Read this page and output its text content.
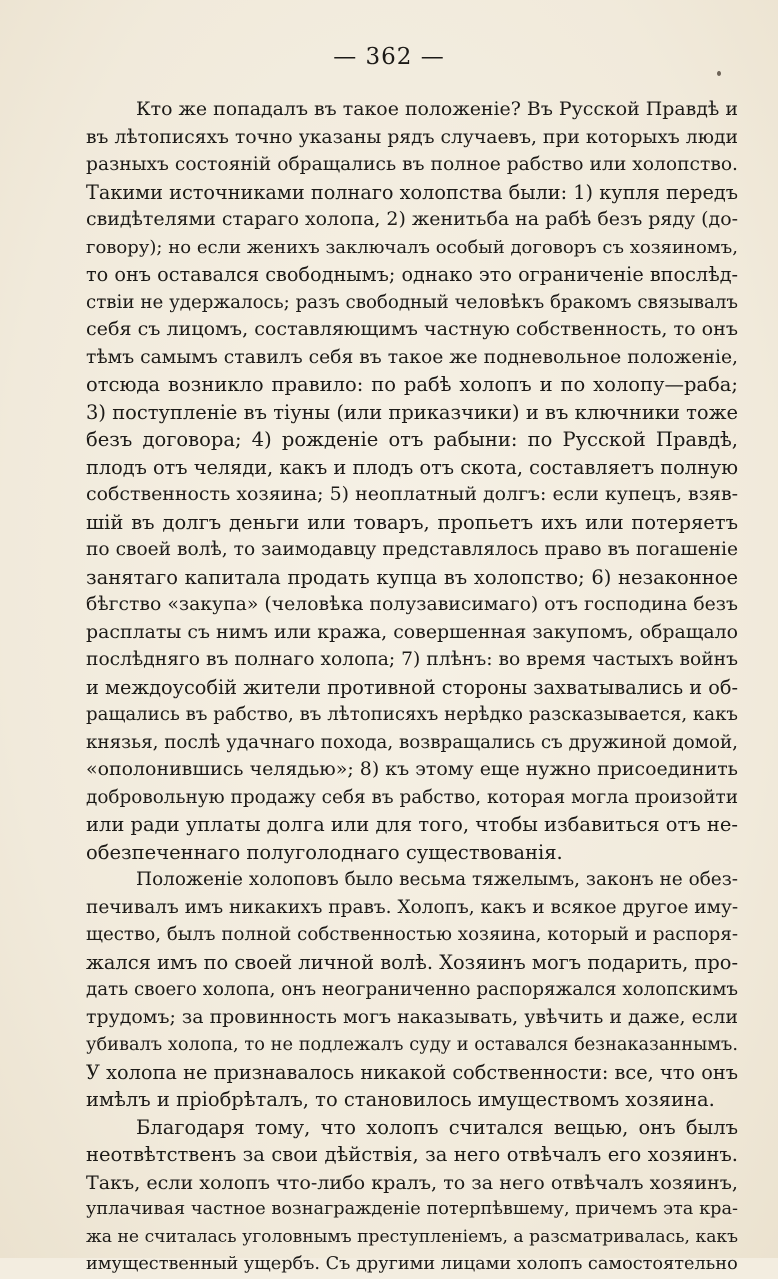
— 362 —
Кто же попадалъ въ такое положеніе? Въ Русской Правдѣ и
въ лѣтописяхъ точно указаны рядъ случаевъ, при которыхъ люди
разныхъ состояній обращались въ полное рабство или холопство.
Такими источниками полнаго холопства были: 1) купля передъ
свидѣтелями стараго холопа, 2) женитьба на рабѣ безъ ряду (до-
говору); но если женихъ заключалъ особый договоръ съ хозяиномъ,
то онъ оставался свободнымъ; однако это ограниченіе впослѣд-
ствіи не удержалось; разъ свободный человѣкъ бракомъ связывалъ
себя съ лицомъ, составляющимъ частную собственность, то онъ
тѣмъ самымъ ставилъ себя въ такое же подневольное положеніе,
отсюда возникло правило: по рабѣ холопъ и по холопу—раба;
3) поступленіе въ тіуны (или приказчики) и въ ключники тоже
безъ договора; 4) рожденіе отъ рабыни: по Русской Правдѣ,
плодъ отъ челяди, какъ и плодъ отъ скота, составляетъ полную
собственность хозяина; 5) неоплатный долгъ: если купецъ, взяв-
шій въ долгъ деньги или товаръ, пропьетъ ихъ или потеряетъ
по своей волѣ, то заимодавцу представлялось право въ погашеніе
занятаго капитала продать купца въ холопство; 6) незаконное
бѣгство «закупа» (человѣка полузависимаго) отъ господина безъ
расплаты съ нимъ или кража, совершенная закупомъ, обращало
послѣдняго въ полнаго холопа; 7) плѣнъ: во время частыхъ войнъ
и междоусобій жители противной стороны захватывались и об-
ращались въ рабство, въ лѣтописяхъ нерѣдко разсказывается, какъ
князья, послѣ удачнаго похода, возвращались съ дружиной домой,
«ополонившись челядью»; 8) къ этому еще нужно присоединить
добровольную продажу себя въ рабство, которая могла произойти
или ради уплаты долга или для того, чтобы избавиться отъ не-
обезпеченнаго полуголоднаго существованія.
Положеніе холоповъ было весьма тяжелымъ, законъ не обез-
печивалъ имъ никакихъ правъ. Холопъ, какъ и всякое другое иму-
щество, былъ полной собственностью хозяина, который и распоря-
жался имъ по своей личной волѣ. Хозяинъ могъ подарить, про-
дать своего холопа, онъ неограниченно распоряжался холопскимъ
трудомъ; за провинность могъ наказывать, увѣчить и даже, если
убивалъ холопа, то не подлежалъ суду и оставался безнаказаннымъ.
У холопа не признавалось никакой собственности: все, что онъ
имѣлъ и пріобрѣталъ, то становилось имуществомъ хозяина.
Благодаря тому, что холопъ считался вещью, онъ былъ
неотвѣтственъ за свои дѣйствія, за него отвѣчалъ его хозяинъ.
Такъ, если холопъ что-либо кралъ, то за него отвѣчалъ хозяинъ,
уплачивая частное вознагражденіе потерпѣвшему, причемъ эта кра-
жа не считалась уголовнымъ преступленіемъ, а разсматривалась, какъ
имущественный ущербъ. Съ другими лицами холопъ самостоятельно
